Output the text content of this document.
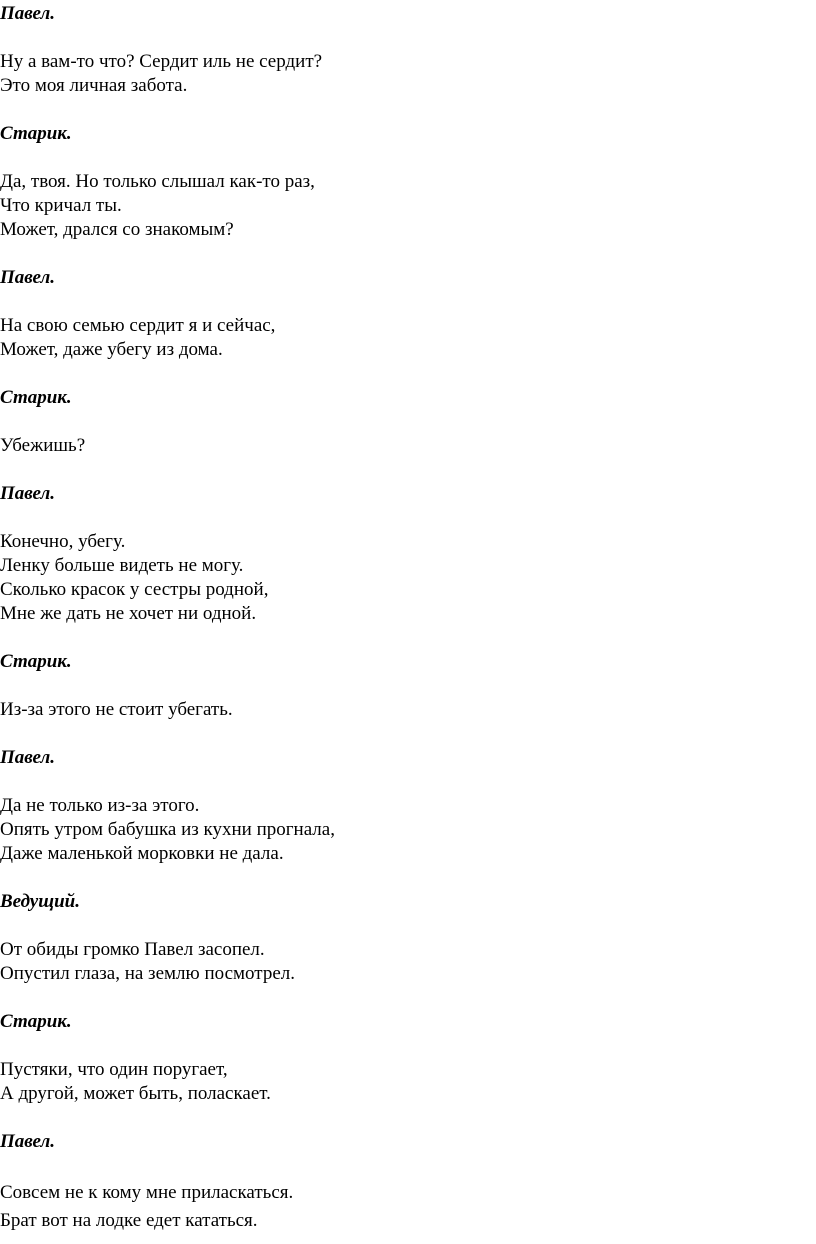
Павел.
Ну а вам-то что? Сердит иль не сердит?
Это моя личная забота.
Старик.
Да, твоя. Но только слышал как-то раз,
Что кричал ты.
Может, дрался со знакомым?
Павел.
На свою семью сердит я и сейчас,
Может, даже убегу из дома.
Старик.
Убежишь?
Павел.
Конечно, убегу.
Ленку больше видеть не могу.
Сколько красок у сестры родной,
Мне же дать не хочет ни одной.
Старик.
Из-за этого не стоит убегать.
Павел.
Да не только из-за этого.
Опять утром бабушка из кухни прогнала,
Даже маленькой морковки не дала.
Ведущий.
От обиды громко Павел засопел.
Опустил глаза, на землю посмотрел.
Старик.
Пустяки, что один поругает,
А другой, может быть, поласкает.
Павел.
Совсем не к кому мне приласкаться.
Брат вот на лодке едет кататься.
